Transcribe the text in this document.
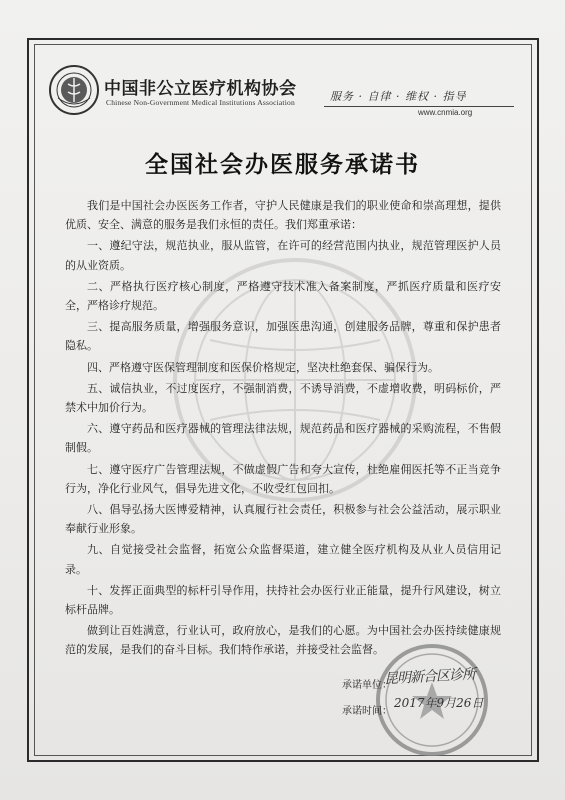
中国非公立医疗机构协会
Chinese Non-Government Medical Institutions Association	服务 · 自律 · 维权 · 指导
www.cnmia.org
全国社会办医服务承诺书

我们是中国社会办医医务工作者，守护人民健康是我们的职业使命和崇高理想，提供优质、安全、满意的服务是我们永恒的责任。我们郑重承诺：

一、遵纪守法，规范执业，服从监管，在许可的经营范围内执业，规范管理医护人员的从业资质。

二、严格执行医疗核心制度，严格遵守技术准入备案制度，严抓医疗质量和医疗安全，严格诊疗规范。

三、提高服务质量，增强服务意识，加强医患沟通，创建服务品牌，尊重和保护患者隐私。

四、严格遵守医保管理制度和医保价格规定，坚决杜绝套保、骗保行为。

五、诚信执业，不过度医疗，不强制消费，不诱导消费，不虚增收费，明码标价，严禁术中加价行为。

六、遵守药品和医疗器械的管理法律法规，规范药品和医疗器械的采购流程，不售假制假。

七、遵守医疗广告管理法规，不做虚假广告和夸大宣传，杜绝雇佣医托等不正当竞争行为，净化行业风气，倡导先进文化，不收受红包回扣。

八、倡导弘扬大医博爱精神，认真履行社会责任，积极参与社会公益活动，展示职业奉献行业形象。

九、自觉接受社会监督，拓宽公众监督渠道，建立健全医疗机构及从业人员信用记录。

十、发挥正面典型的标杆引导作用，扶持社会办医行业正能量，提升行风建设，树立标杆品牌。

做到让百姓满意，行业认可，政府放心，是我们的心愿。为中国社会办医持续健康规范的发展，是我们的奋斗目标。我们特作承诺，并接受社会监督。

承诺单位：
承诺时间：
昆明新合区诊所
2017年9月26日
